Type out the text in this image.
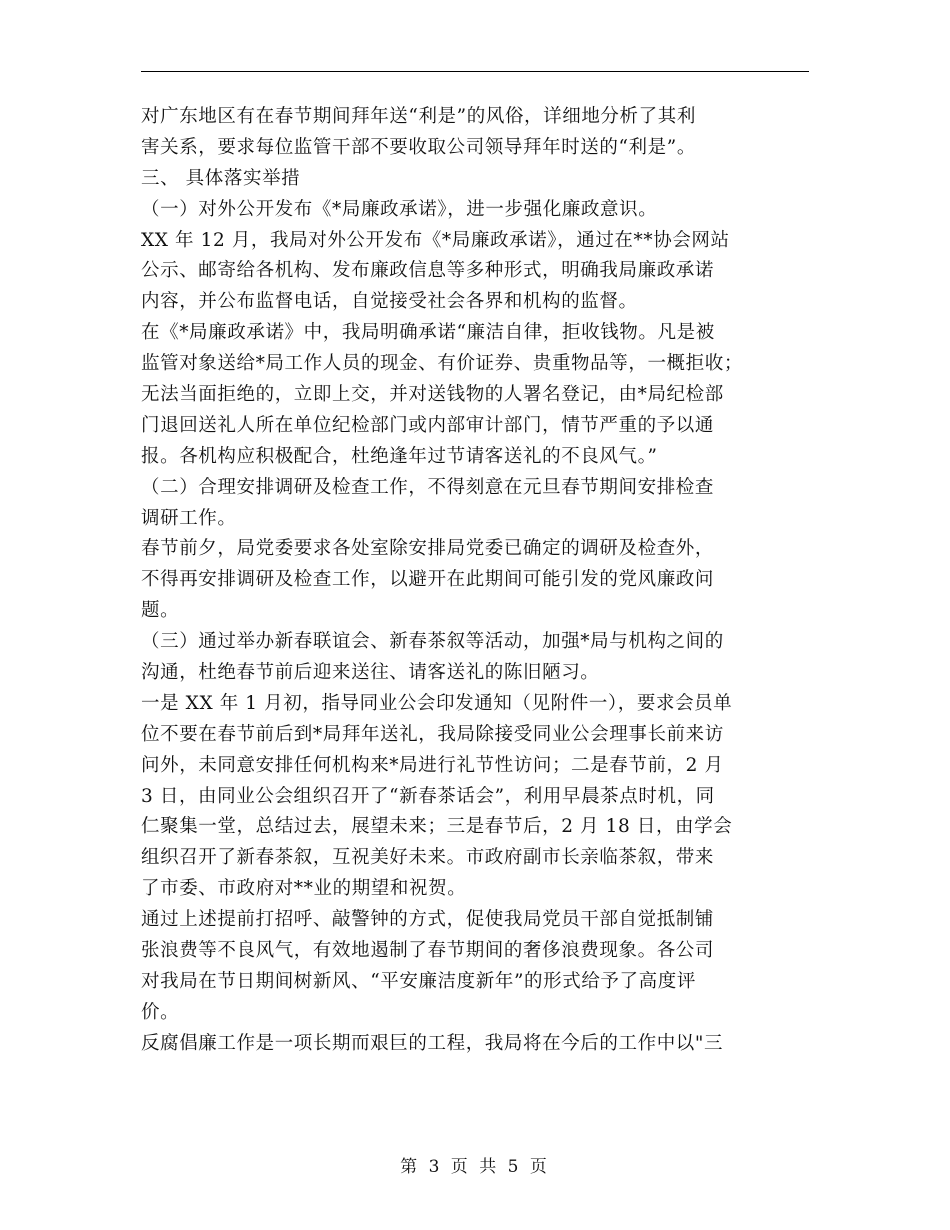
对广东地区有在春节期间拜年送“利是”的风俗，详细地分析了其利
害关系，要求每位监管干部不要收取公司领导拜年时送的“利是”。
三、 具体落实举措
（一）对外公开发布《*局廉政承诺》，进一步强化廉政意识。
XX 年 12 月，我局对外公开发布《*局廉政承诺》，通过在**协会网站
公示、邮寄给各机构、发布廉政信息等多种形式，明确我局廉政承诺
内容，并公布监督电话，自觉接受社会各界和机构的监督。
在《*局廉政承诺》中，我局明确承诺“廉洁自律，拒收钱物。凡是被
监管对象送给*局工作人员的现金、有价证券、贵重物品等，一概拒收；
无法当面拒绝的，立即上交，并对送钱物的人署名登记，由*局纪检部
门退回送礼人所在单位纪检部门或内部审计部门，情节严重的予以通
报。各机构应积极配合，杜绝逢年过节请客送礼的不良风气。”
（二）合理安排调研及检查工作，不得刻意在元旦春节期间安排检查
调研工作。
春节前夕，局党委要求各处室除安排局党委已确定的调研及检查外，
不得再安排调研及检查工作，以避开在此期间可能引发的党风廉政问
题。
（三）通过举办新春联谊会、新春茶叙等活动，加强*局与机构之间的
沟通，杜绝春节前后迎来送往、请客送礼的陈旧陋习。
一是 XX 年 1 月初，指导同业公会印发通知（见附件一），要求会员单
位不要在春节前后到*局拜年送礼，我局除接受同业公会理事长前来访
问外，未同意安排任何机构来*局进行礼节性访问；二是春节前，2 月
3 日，由同业公会组织召开了“新春茶话会”，利用早晨茶点时机，同
仁聚集一堂，总结过去，展望未来；三是春节后，2 月 18 日，由学会
组织召开了新春茶叙，互祝美好未来。市政府副市长亲临茶叙，带来
了市委、市政府对**业的期望和祝贺。
通过上述提前打招呼、敲警钟的方式，促使我局党员干部自觉抵制铺
张浪费等不良风气，有效地遏制了春节期间的奢侈浪费现象。各公司
对我局在节日期间树新风、“平安廉洁度新年”的形式给予了高度评
价。
反腐倡廉工作是一项长期而艰巨的工程，我局将在今后的工作中以"三
第 3 页 共 5 页
